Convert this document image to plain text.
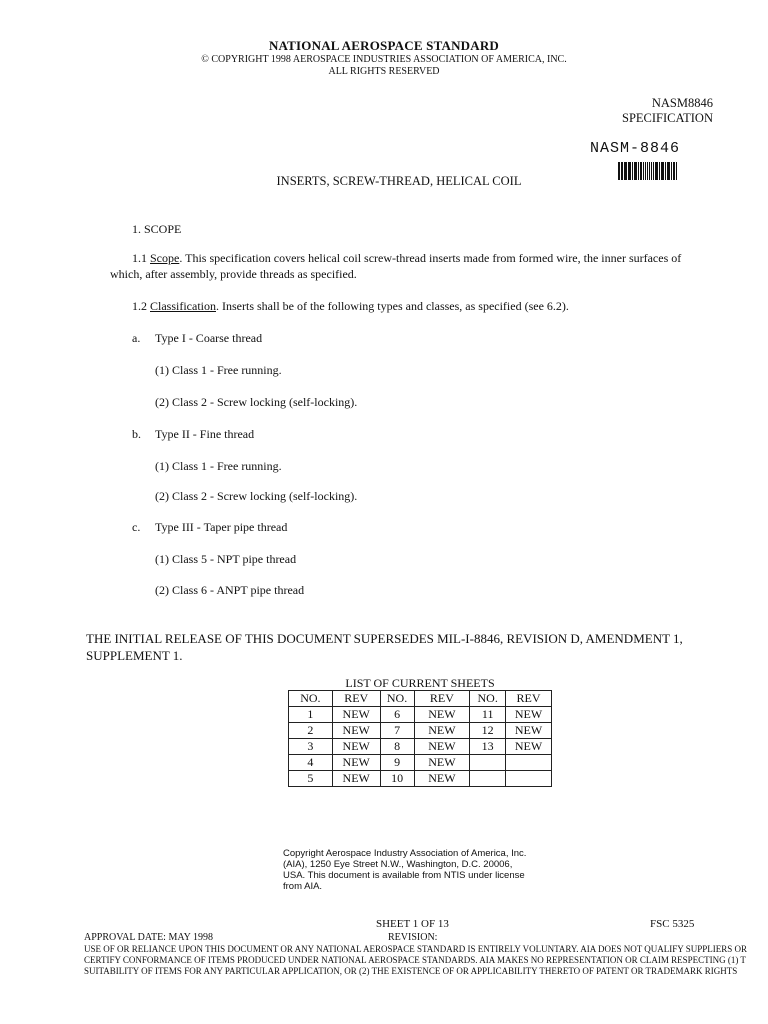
NATIONAL AEROSPACE STANDARD
© COPYRIGHT 1998 AEROSPACE INDUSTRIES ASSOCIATION OF AMERICA, INC.
ALL RIGHTS RESERVED
NASM8846
SPECIFICATION
NASM-8846
INSERTS, SCREW-THREAD, HELICAL COIL
1. SCOPE
1.1 Scope. This specification covers helical coil screw-thread inserts made from formed wire, the inner surfaces of
which, after assembly, provide threads as specified.
1.2 Classification. Inserts shall be of the following types and classes, as specified (see 6.2).
a. Type I - Coarse thread
(1) Class 1 - Free running.
(2) Class 2 - Screw locking (self-locking).
b. Type II - Fine thread
(1) Class 1 - Free running.
(2) Class 2 - Screw locking (self-locking).
c. Type III - Taper pipe thread
(1) Class 5 - NPT pipe thread
(2) Class 6 - ANPT pipe thread
THE INITIAL RELEASE OF THIS DOCUMENT SUPERSEDES MIL-I-8846, REVISION D, AMENDMENT 1,
SUPPLEMENT 1.
LIST OF CURRENT SHEETS
NO.	REV	NO.	REV	NO.	REV
1	NEW	6	NEW	11	NEW
2	NEW	7	NEW	12	NEW
3	NEW	8	NEW	13	NEW
4	NEW	9	NEW		
5	NEW	10	NEW		
Copyright Aerospace Industry Association of America, Inc.
(AIA), 1250 Eye Street N.W., Washington, D.C. 20006,
USA. This document is available from NTIS under license
from AIA.
SHEET 1 OF 13	FSC 5325
APPROVAL DATE: MAY 1998	REVISION:
USE OF OR RELIANCE UPON THIS DOCUMENT OR ANY NATIONAL AEROSPACE STANDARD IS ENTIRELY VOLUNTARY. AIA DOES NOT QUALIFY SUPPLIERS OR
CERTIFY CONFORMANCE OF ITEMS PRODUCED UNDER NATIONAL AEROSPACE STANDARDS. AIA MAKES NO REPRESENTATION OR CLAIM RESPECTING (1) T
SUITABILITY OF ITEMS FOR ANY PARTICULAR APPLICATION, OR (2) THE EXISTENCE OF OR APPLICABILITY THERETO OF PATENT OR TRADEMARK RIGHTS
